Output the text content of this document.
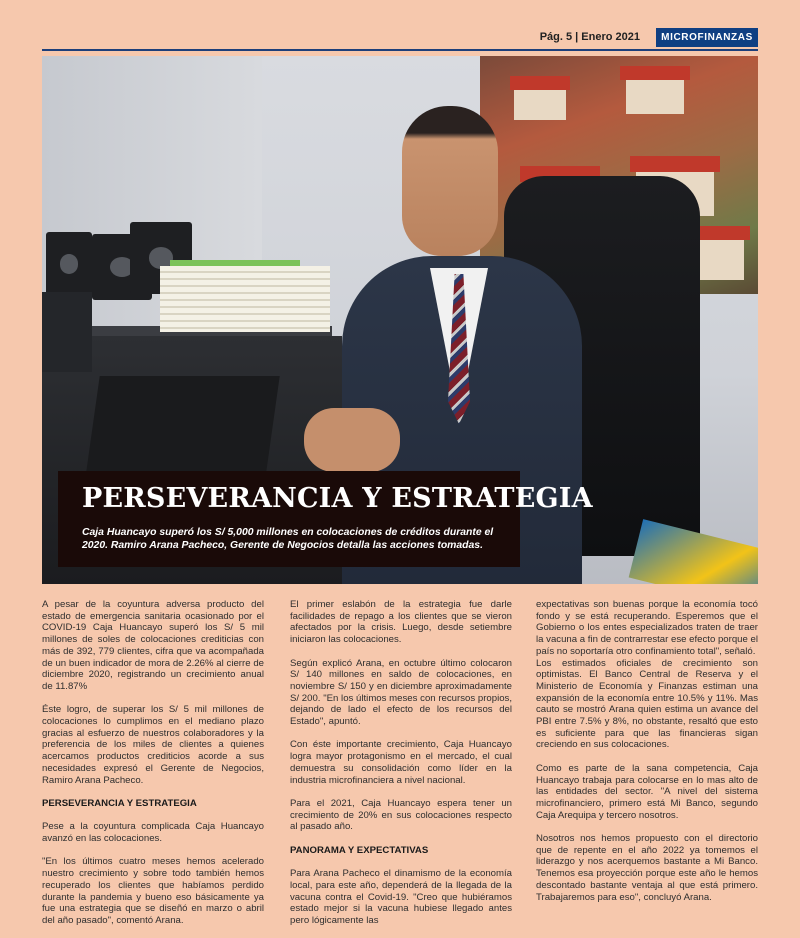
Pág. 5 | Enero 2021	MICROFINANZAS
PERSEVERANCIA Y ESTRATEGIA
Caja Huancayo superó los S/ 5,000 millones en colocaciones de créditos durante el 2020. Ramiro Arana Pacheco, Gerente de Negocios detalla las acciones tomadas.

A pesar de la coyuntura adversa producto del estado de emergencia sanitaria ocasionado por el COVID-19 Caja Huancayo superó los S/ 5 mil millones de soles de colocaciones crediticias con más de 392, 779 clientes, cifra que va acompañada de un buen indicador de mora de 2.26% al cierre de diciembre 2020, registrando un crecimiento anual de 11.87%

Éste logro, de superar los S/ 5 mil millones de colocaciones lo cumplimos en el mediano plazo gracias al esfuerzo de nuestros colaboradores y la preferencia de los miles de clientes a quienes acercamos productos crediticios acorde a sus necesidades expresó el Gerente de Negocios, Ramiro Arana Pacheco.

PERSEVERANCIA Y ESTRATEGIA

Pese a la coyuntura complicada Caja Huancayo avanzó en las colocaciones.

"En los últimos cuatro meses hemos acelerado nuestro crecimiento y sobre todo también hemos recuperado los clientes que habíamos perdido durante la pandemia y bueno eso básicamente ya fue una estrategia que se diseñó en marzo o abril del año pasado", comentó Arana.

El primer eslabón de la estrategia fue darle facilidades de repago a los clientes que se vieron afectados por la crisis. Luego, desde setiembre iniciaron las colocaciones.

Según explicó Arana, en octubre último colocaron S/ 140 millones en saldo de colocaciones, en noviembre S/ 150 y en diciembre aproximadamente S/ 200. "En los últimos meses con recursos propios, dejando de lado el efecto de los recursos del Estado", apuntó.

Con éste importante crecimiento, Caja Huancayo logra mayor protagonismo en el mercado, el cual demuestra su consolidación como líder en la industria microfinanciera a nivel nacional.

Para el 2021, Caja Huancayo espera tener un crecimiento de 20% en sus colocaciones respecto al pasado año.

PANORAMA Y EXPECTATIVAS

Para Arana Pacheco el dinamismo de la economía local, para este año, dependerá de la llegada de la vacuna contra el Covid-19. "Creo que hubiéramos estado mejor si la vacuna hubiese llegado antes pero lógicamente las

expectativas son buenas porque la economía tocó fondo y se está recuperando. Esperemos que el Gobierno o los entes especializados traten de traer la vacuna a fin de contrarrestar ese efecto porque el país no soportaría otro confinamiento total", señaló.

Los estimados oficiales de crecimiento son optimistas. El Banco Central de Reserva y el Ministerio de Economía y Finanzas estiman una expansión de la economía entre 10.5% y 11%. Mas cauto se mostró Arana quien estima un avance del PBI entre 7.5% y 8%, no obstante, resaltó que esto es suficiente para que las financieras sigan creciendo en sus colocaciones.

Como es parte de la sana competencia, Caja Huancayo trabaja para colocarse en lo mas alto de las entidades del sector. "A nivel del sistema microfinanciero, primero está Mi Banco, segundo Caja Arequipa y tercero nosotros.

Nosotros nos hemos propuesto con el directorio que de repente en el año 2022 ya tomemos el liderazgo y nos acerquemos bastante a Mi Banco. Tenemos esa proyección porque este año le hemos descontado bastante ventaja al que está primero. Trabajaremos para eso", concluyó Arana.
